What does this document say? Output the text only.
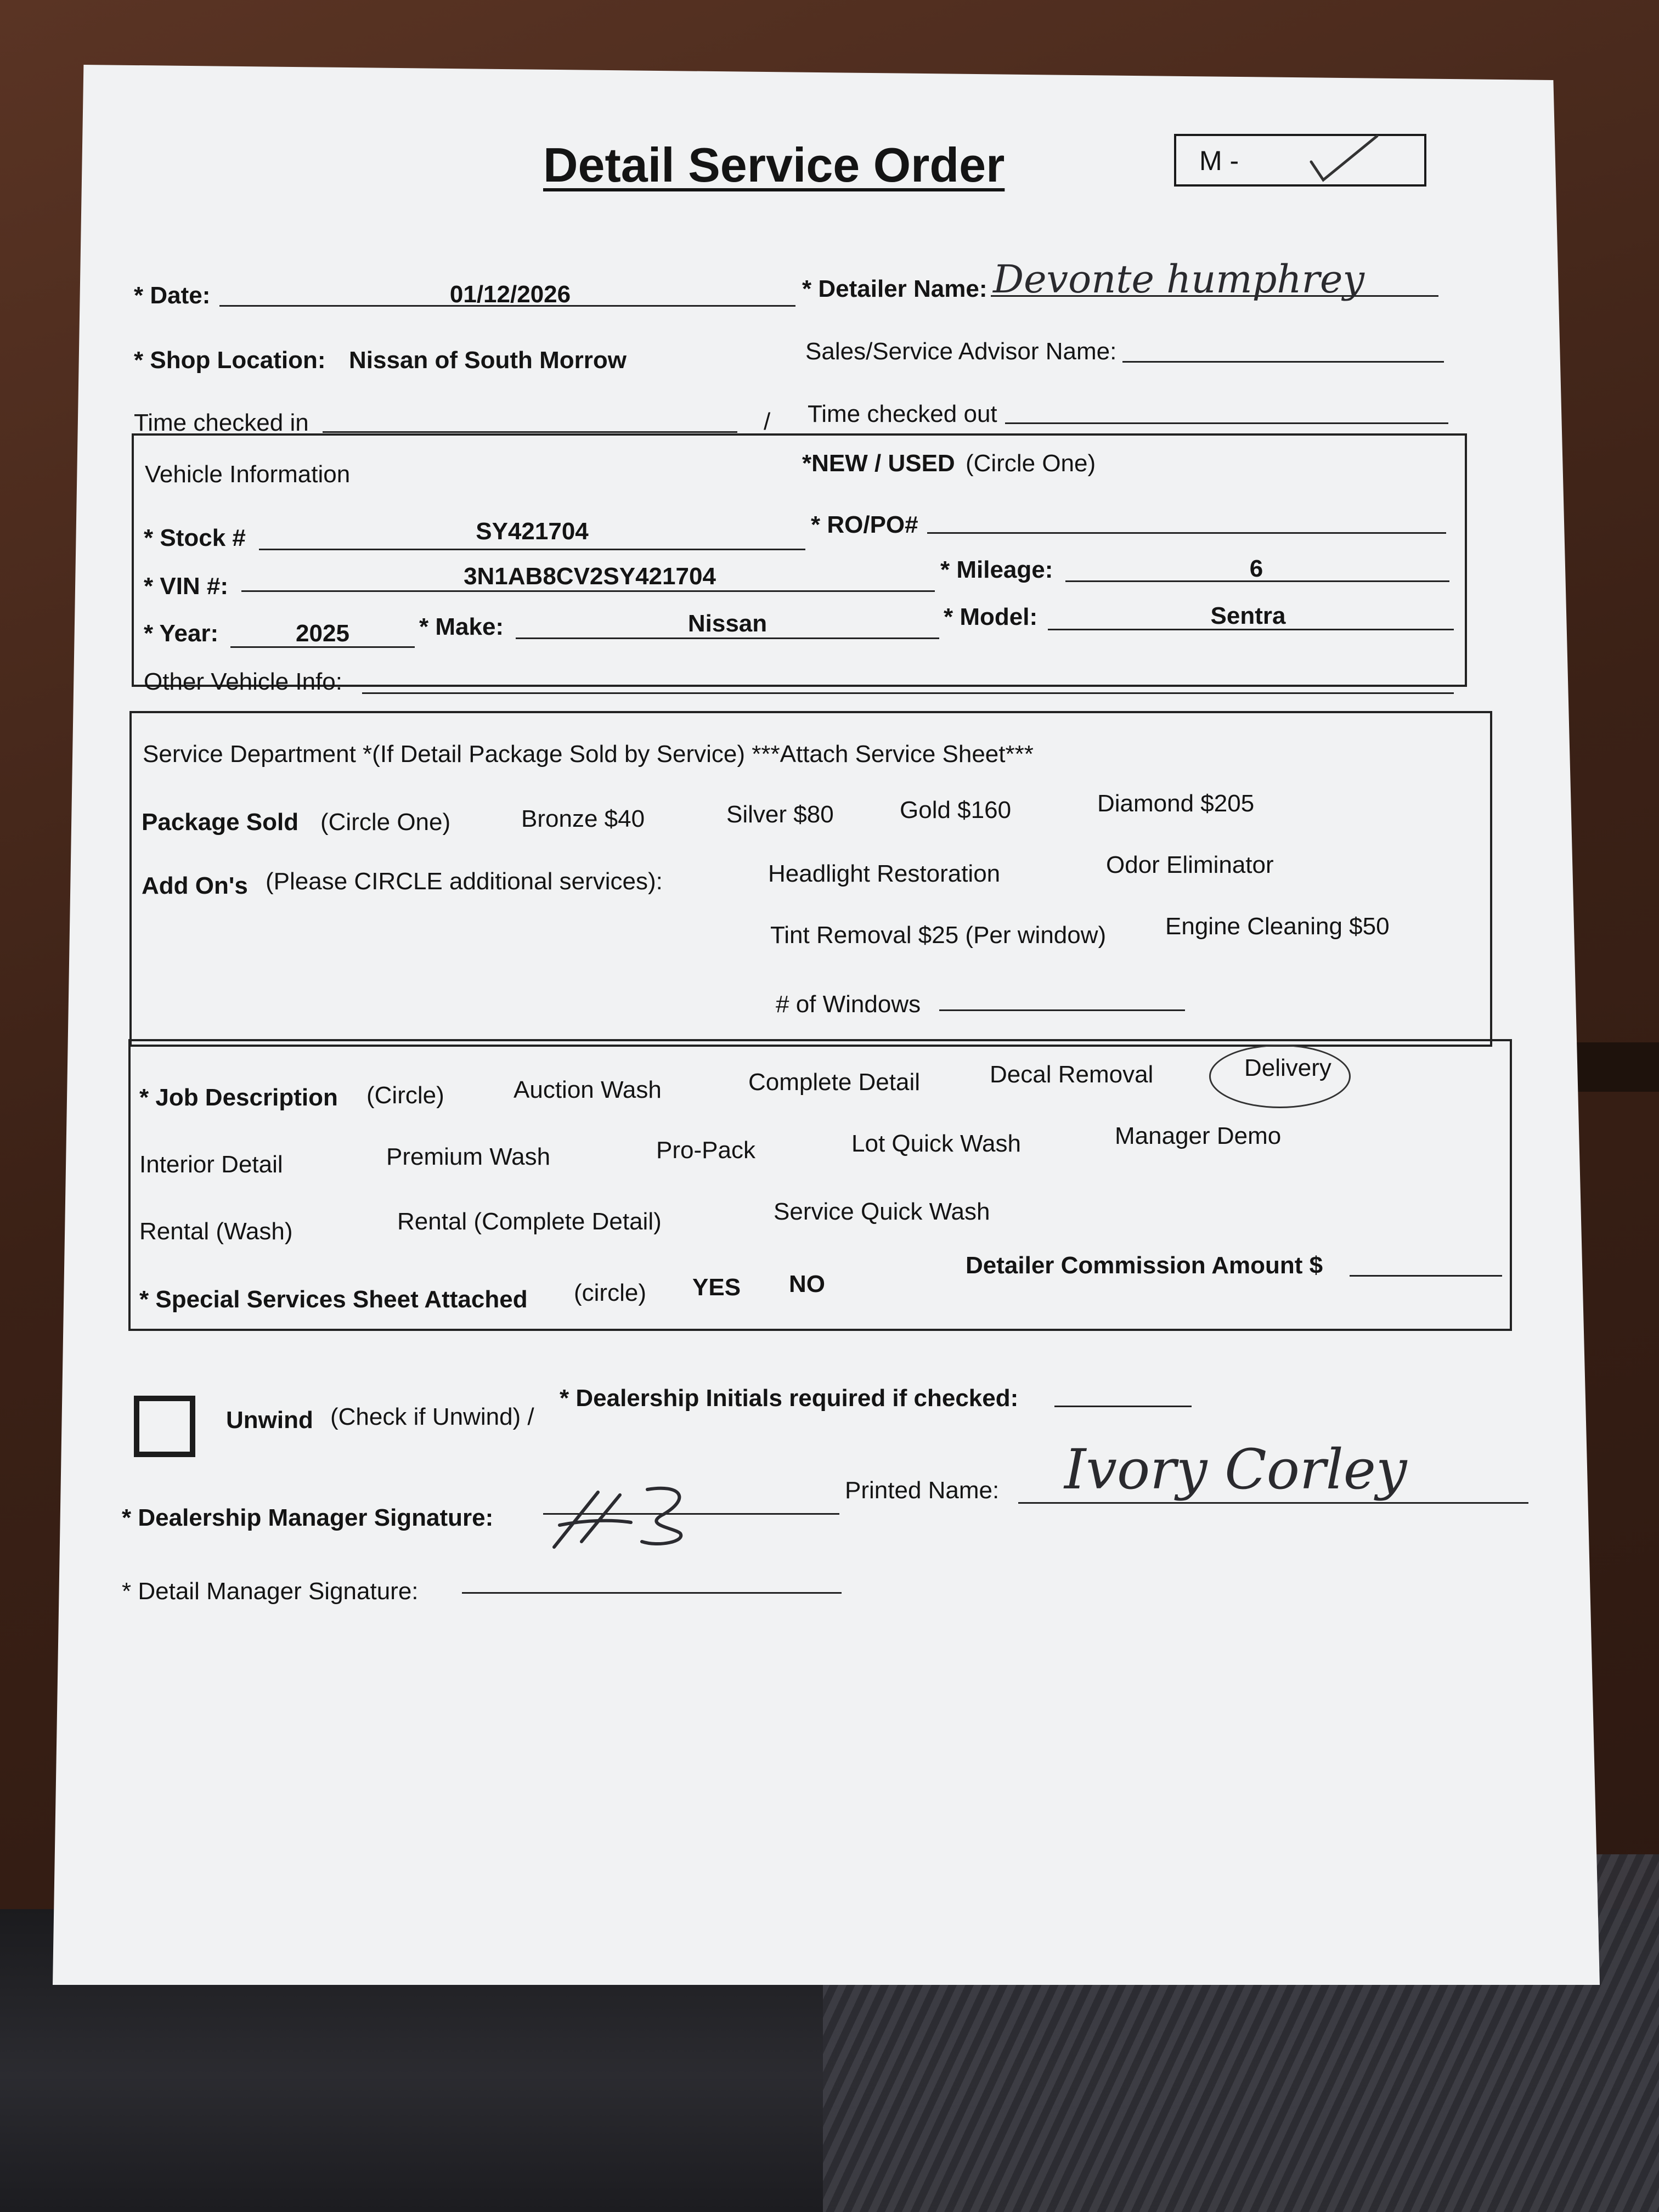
Detail Service Order	M -
* Date:	01/12/2026	* Detailer Name: Devonte humphrey
* Shop Location: Nissan of South Morrow	Sales/Service Advisor Name:
Time checked in	/ Time checked out
Vehicle Information	*NEW / USED (Circle One)
* Stock #	SY421704	* RO/PO#
* VIN #:	3N1AB8CV2SY421704	* Mileage:	6
* Year:	2025	* Make:	Nissan	* Model:	Sentra
Other Vehicle Info:
Service Department *(If Detail Package Sold by Service) ***Attach Service Sheet***
Package Sold (Circle One)	Bronze $40	Silver $80	Gold $160	Diamond $205
Add On's (Please CIRCLE additional services):	Headlight Restoration	Odor Eliminator
Tint Removal $25 (Per window) Engine Cleaning $50
# of Windows
* Job Description (Circle)	Auction Wash	Complete Detail	Decal Removal	Delivery
Interior Detail	Premium Wash	Pro-Pack	Lot Quick Wash	Manager Demo
Rental (Wash)	Rental (Complete Detail)	Service Quick Wash
* Special Services Sheet Attached (circle) YES NO
Detailer Commission Amount $
Unwind (Check if Unwind) /
* Dealership Initials required if checked:
* Dealership Manager Signature:
Printed Name: Ivory Corley
* Detail Manager Signature:
